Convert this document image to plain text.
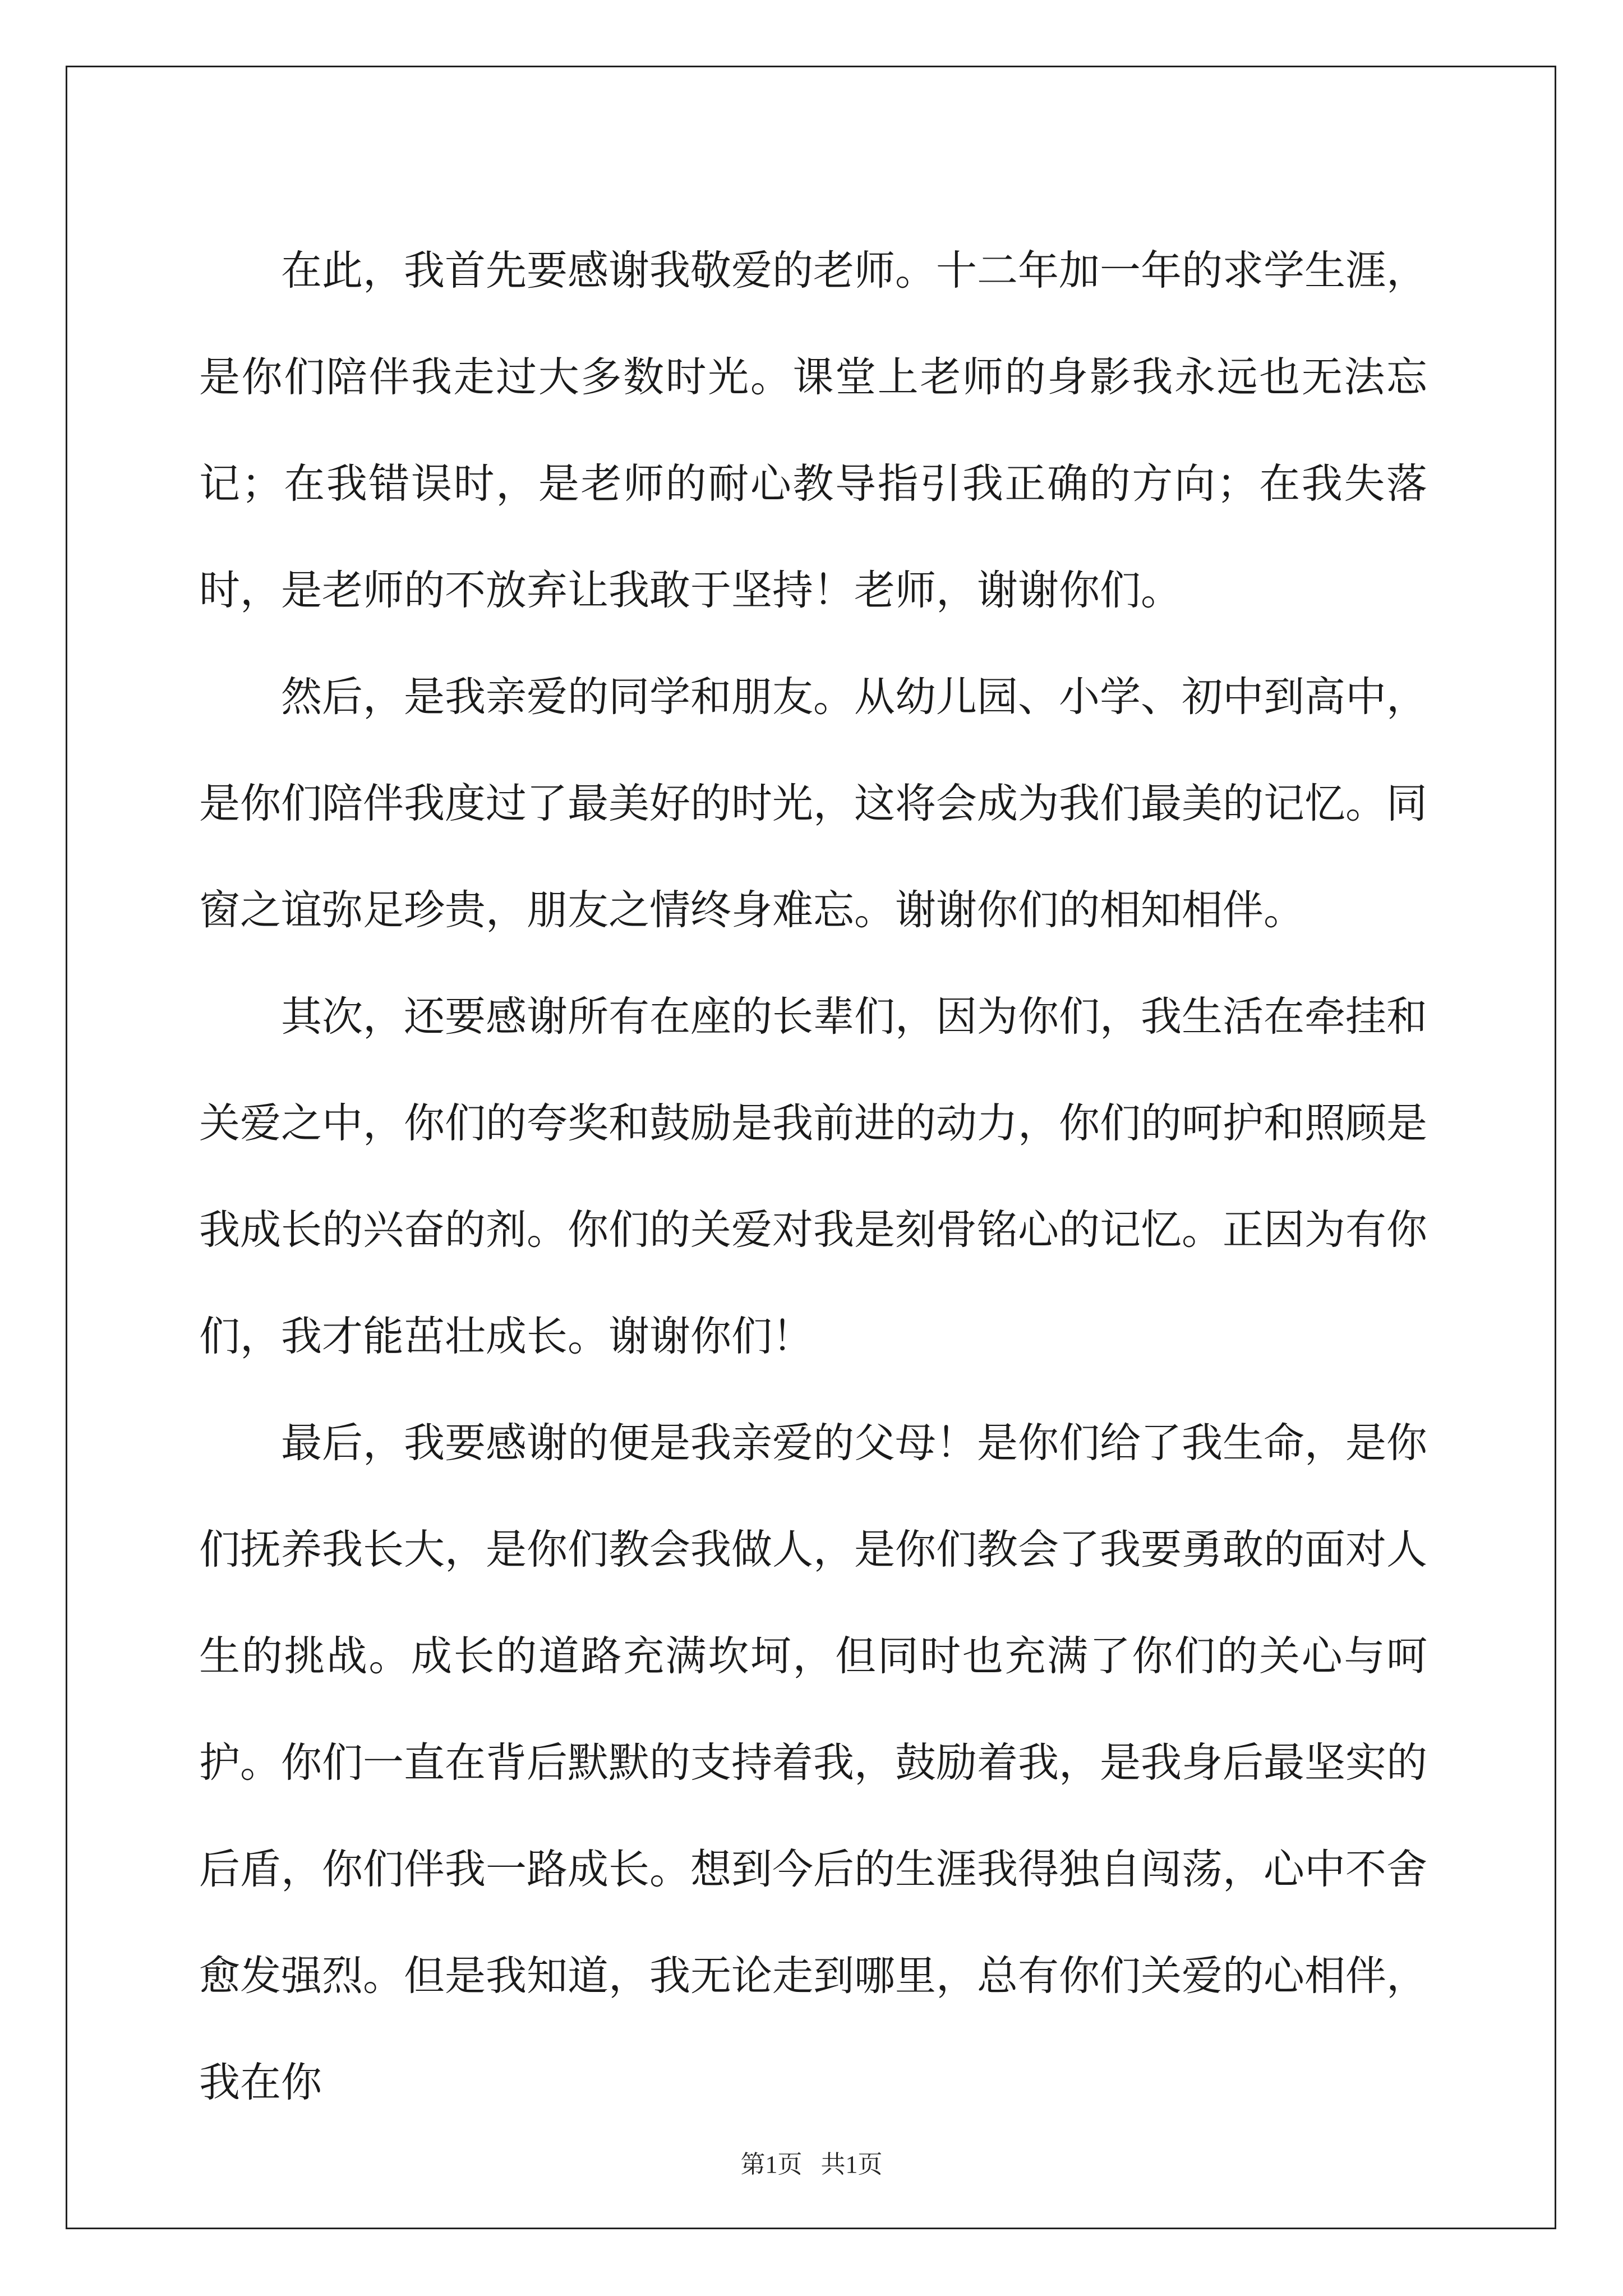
在此，我首先要感谢我敬爱的老师。十二年加一年的求学生涯，是你们陪伴我走过大多数时光。课堂上老师的身影我永远也无法忘记；在我错误时，是老师的耐心教导指引我正确的方向；在我失落时，是老师的不放弃让我敢于坚持！老师，谢谢你们。

然后，是我亲爱的同学和朋友。从幼儿园、小学、初中到高中，是你们陪伴我度过了最美好的时光，这将会成为我们最美的记忆。同窗之谊弥足珍贵，朋友之情终身难忘。谢谢你们的相知相伴。

其次，还要感谢所有在座的长辈们，因为你们，我生活在牵挂和关爱之中，你们的夸奖和鼓励是我前进的动力，你们的呵护和照顾是我成长的兴奋的剂。你们的关爱对我是刻骨铭心的记忆。正因为有你们，我才能茁壮成长。谢谢你们！

最后，我要感谢的便是我亲爱的父母！是你们给了我生命，是你们抚养我长大，是你们教会我做人，是你们教会了我要勇敢的面对人生的挑战。成长的道路充满坎坷，但同时也充满了你们的关心与呵护。你们一直在背后默默的支持着我，鼓励着我，是我身后最坚实的后盾，你们伴我一路成长。想到今后的生涯我得独自闯荡，心中不舍愈发强烈。但是我知道，我无论走到哪里，总有你们关爱的心相伴，我在你

第1页   共1页
